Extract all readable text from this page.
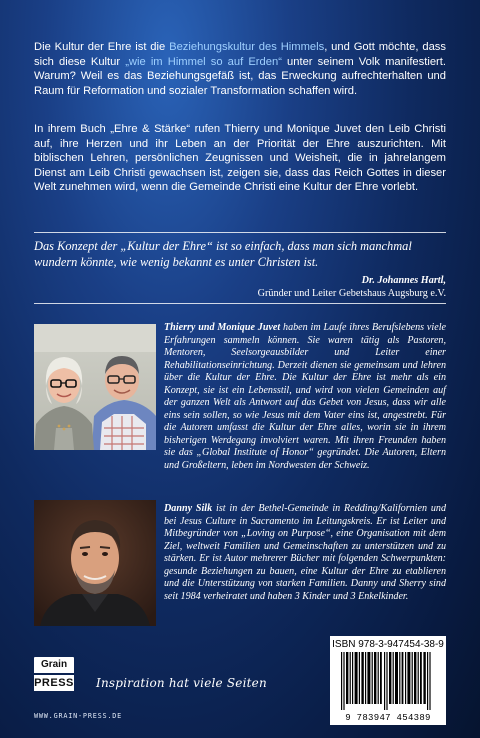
Die Kultur der Ehre ist die Beziehungskultur des Himmels, und Gott möchte, dass sich diese Kultur „wie im Himmel so auf Erden“ unter seinem Volk manifestiert. Warum? Weil es das Beziehungsgefäß ist, das Erweckung aufrechterhalten und Raum für Reformation und sozialer Transformation schaffen wird.

In ihrem Buch „Ehre & Stärke“ rufen Thierry und Monique Juvet den Leib Christi auf, ihre Herzen und ihr Leben an der Priorität der Ehre auszurichten. Mit biblischen Lehren, persönlichen Zeugnissen und Weisheit, die in jahrelangem Dienst am Leib Christi gewachsen ist, zeigen sie, dass das Reich Gottes in dieser Welt zunehmen wird, wenn die Gemeinde Christi eine Kultur der Ehre vorlebt.

Das Konzept der „Kultur der Ehre“ ist so einfach, dass man sich manchmal wundern könnte, wie wenig bekannt es unter Christen ist.

Dr. Johannes Hartl,
Gründer und Leiter Gebetshaus Augsburg e.V.

Thierry und Monique Juvet haben im Laufe ihres Berufslebens viele Erfahrungen sammeln können. Sie waren tätig als Pastoren, Mentoren, Seelsorgeausbilder und Leiter einer Rehabilitationseinrichtung. Derzeit dienen sie gemeinsam und lehren über die Kultur der Ehre. Die Kultur der Ehre ist mehr als ein Konzept, sie ist ein Lebensstil, und wird von vielen Gemeinden auf der ganzen Welt als Antwort auf das Gebet von Jesus, dass wir alle eins sein sollen, so wie Jesus mit dem Vater eins ist, angestrebt. Für die Autoren umfasst die Kultur der Ehre alles, worin sie in ihrem bisherigen Werdegang involviert waren. Mit ihren Freunden haben sie das „Global Institute of Honor“ gegründet. Die Autoren, Eltern und Großeltern, leben im Nordwesten der Schweiz.

Danny Silk ist in der Bethel-Gemeinde in Redding/Kalifornien und bei Jesus Culture in Sacramento im Leitungskreis. Er ist Leiter und Mitbegründer von „Loving on Purpose“, eine Organisation mit dem Ziel, weltweit Familien und Gemeinschaften zu unterstützen und zu stärken. Er ist Autor mehrerer Bücher mit folgenden Schwerpunkten: gesunde Beziehungen zu bauen, eine Kultur der Ehre zu etablieren und die Unterstützung von starken Familien. Danny und Sherry sind seit 1984 verheiratet und haben 3 Kinder und 3 Enkelkinder.

Grain
PRESS Inspiration hat viele Seiten
WWW.GRAIN-PRESS.DE
ISBN 978-3-947454-38-9
9 783947 454389
